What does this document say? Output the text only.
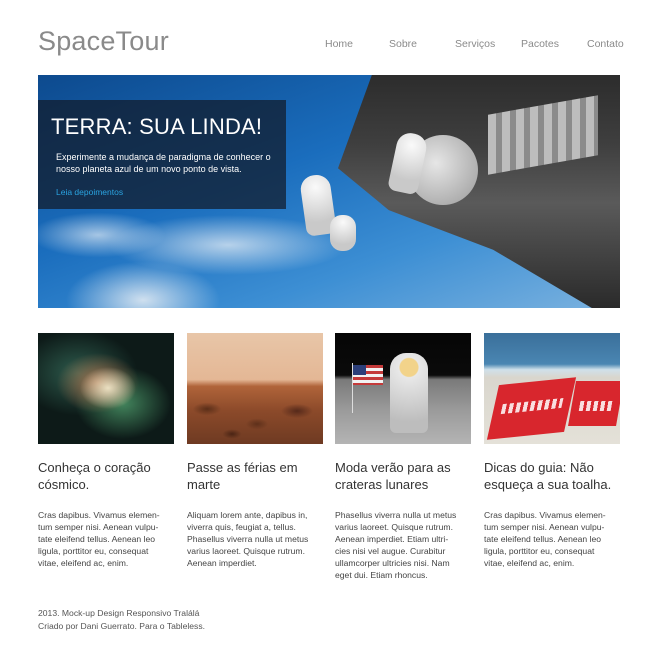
SpaceTour	Home	Sobre	Serviços Pacotes	Contato
TERRA: SUA LINDA!

Experimente a mudança de paradigma de conhecer o nosso planeta azul de um novo ponto de vista.

Leia depoimentos
Conheça o coração cósmico.

Cras dapibus. Vivamus elemen-
tum semper nisi. Aenean vulpu-
tate eleifend tellus. Aenean leo
ligula, porttitor eu, consequat
vitae, eleifend ac, enim.

Passe as férias em marte

Aliquam lorem ante, dapibus in,
viverra quis, feugiat a, tellus.
Phasellus viverra nulla ut metus
varius laoreet. Quisque rutrum.
Aenean imperdiet.

Moda verão para as crateras lunares

Phasellus viverra nulla ut metus
varius laoreet. Quisque rutrum.
Aenean imperdiet. Etiam ultri-
cies nisi vel augue. Curabitur
ullamcorper ultricies nisi. Nam
eget dui. Etiam rhoncus.

Dicas do guia: Não esqueça a sua toalha.

Cras dapibus. Vivamus elemen-
tum semper nisi. Aenean vulpu-
tate eleifend tellus. Aenean leo
ligula, porttitor eu, consequat
vitae, eleifend ac, enim.

2013. Mock-up Design Responsivo Tralálá
Criado por Dani Guerrato. Para o Tableless.
